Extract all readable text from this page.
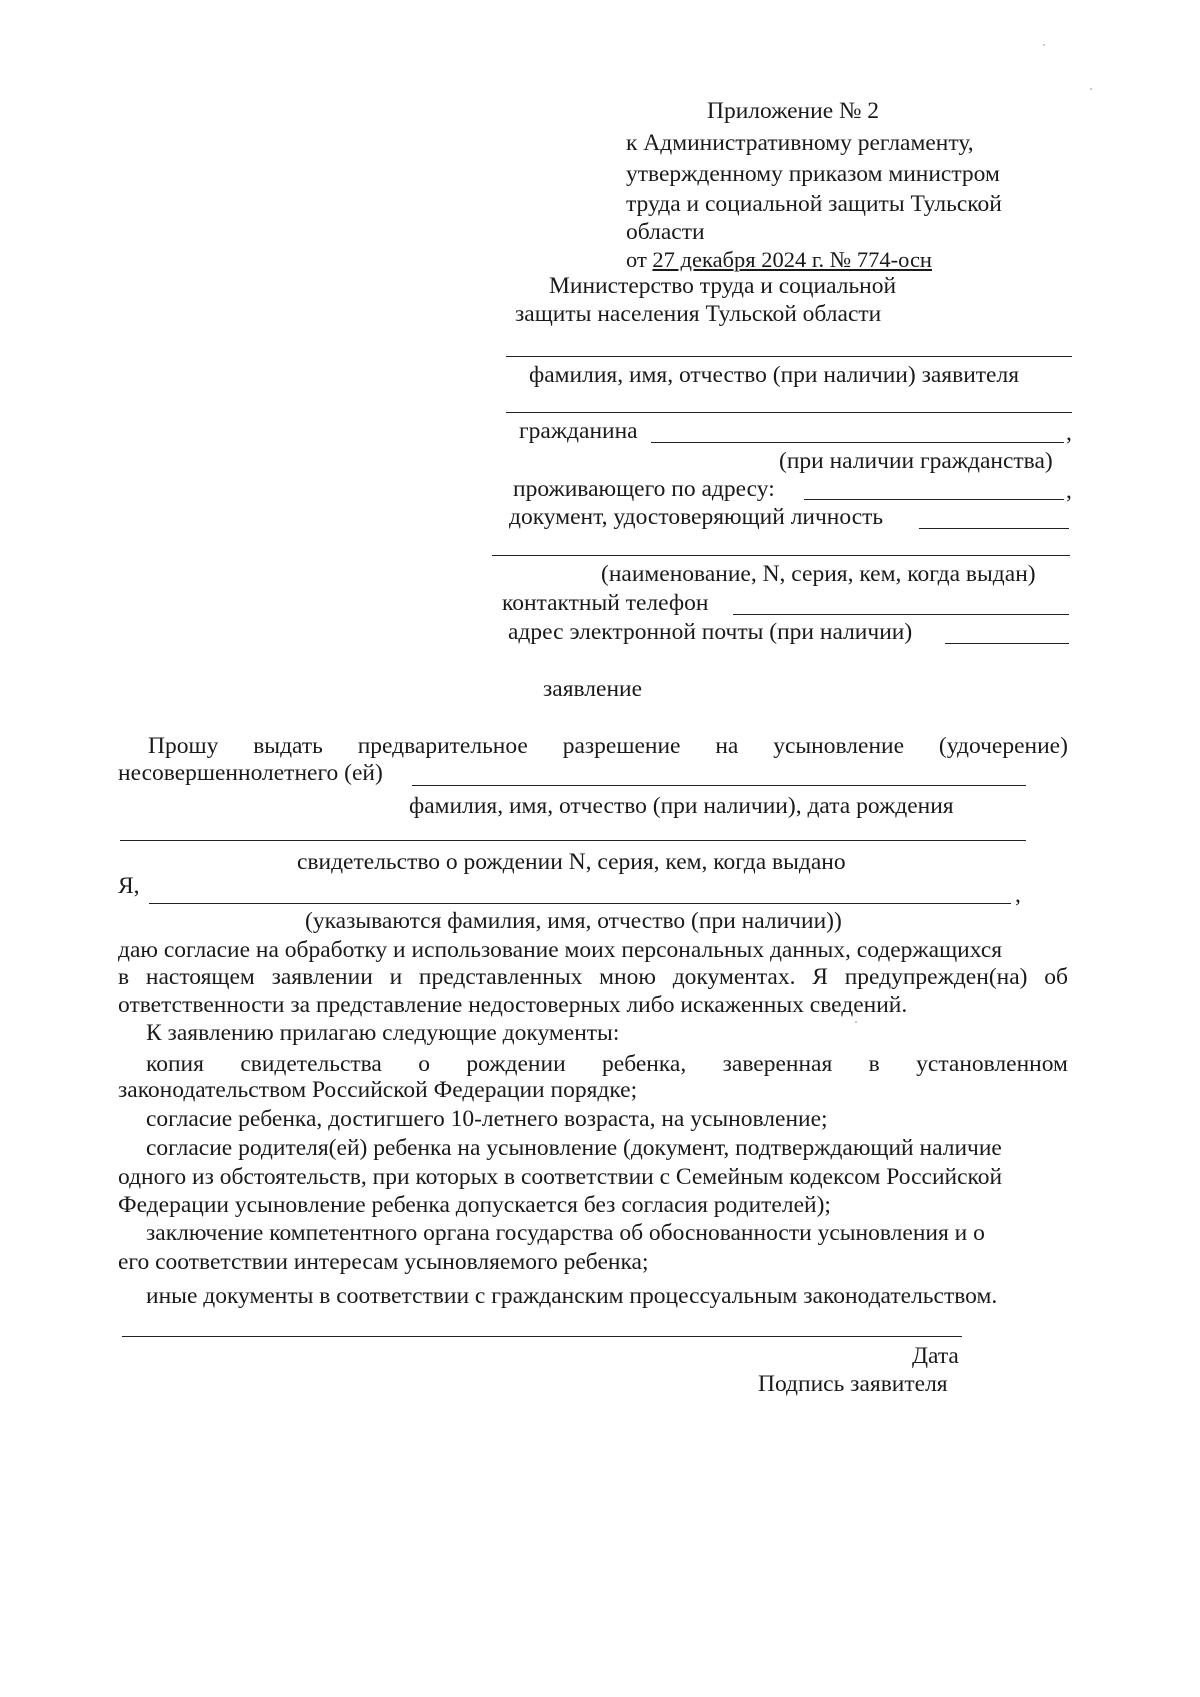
Приложение № 2
к Административному регламенту,
утвержденному приказом министром
труда и социальной защиты Тульской
области
от 27 декабря 2024 г. № 774-осн
Министерство труда и социальной
защиты населения Тульской области
фамилия, имя, отчество (при наличии) заявителя
гражданина	,
(при наличии гражданства)
проживающего по адресу:	,
документ, удостоверяющий личность
(наименование, N, серия, кем, когда выдан)
контактный телефон
адрес электронной почты (при наличии)
заявление
Прошу выдать предварительное разрешение на усыновление (удочерение)
несовершеннолетнего (ей)
фамилия, имя, отчество (при наличии), дата рождения
свидетельство о рождении N, серия, кем, когда выдано
Я,	,
(указываются фамилия, имя, отчество (при наличии))
даю согласие на обработку и использование моих персональных данных, содержащихся
в настоящем заявлении и представленных мною документах. Я предупрежден(на) об
ответственности за представление недостоверных либо искаженных сведений.
К заявлению прилагаю следующие документы:
копия свидетельства о рождении ребенка, заверенная в установленном
законодательством Российской Федерации порядке;
согласие ребенка, достигшего 10-летнего возраста, на усыновление;
согласие родителя(ей) ребенка на усыновление (документ, подтверждающий наличие
одного из обстоятельств, при которых в соответствии с Семейным кодексом Российской
Федерации усыновление ребенка допускается без согласия родителей);
заключение компетентного органа государства об обоснованности усыновления и о
его соответствии интересам усыновляемого ребенка;
иные документы в соответствии с гражданским процессуальным законодательством.
Дата
Подпись заявителя
